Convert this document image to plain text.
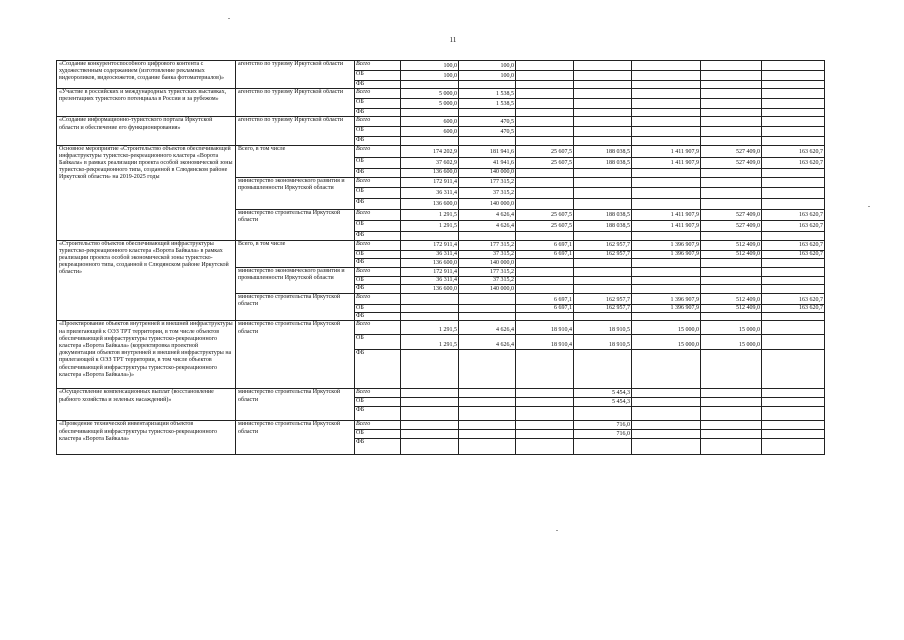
11
«Создание конкурентоспособного цифрового контента с художественным содержанием (изготовление рекламных видеороликов, видеосюжетов, создание банка фотоматериалов)»	агентство по туризму Иркутской области	Всего	100,0	100,0					
		ОБ	100,0	100,0					
		ФБ							
«Участие в российских и международных туристских выставках, презентациях туристского потенциала в России и за рубежом»	агентство по туризму Иркутской области	Всего	5 000,0	1 538,5					
		ОБ	5 000,0	1 538,5					
		ФБ							
«Создание информационно-туристского портала Иркутской области и обеспечение его функционирования»	агентство по туризму Иркутской области	Всего	600,0	470,5					
		ОБ	600,0	470,5					
		ФБ							
Основное мероприятие «Строительство объектов обеспечивающей инфраструктуры туристско-рекреационного кластера «Ворота Байкала» в рамках реализации проекта особой экономической зоны туристско-рекреационного типа, созданной в Слюдянском районе Иркутской области» на 2019-2025 годы	Всего, в том числе	Всего	174 202,9	181 941,6	25 607,5	188 038,5	1 411 907,9	527 409,0	163 620,7
		ОБ	37 602,9	41 941,6	25 607,5	188 038,5	1 411 907,9	527 409,0	163 620,7
		ФБ	136 600,0	140 000,0					
	министерство экономического развития и промышленности Иркутской области	Всего	172 911,4	177 315,2					
		ОБ	36 311,4	37 315,2					
		ФБ	136 600,0	140 000,0					
	министерство строительства Иркутской области	Всего	1 291,5	4 626,4	25 607,5	188 038,5	1 411 907,9	527 409,0	163 620,7
		ОБ	1 291,5	4 626,4	25 607,5	188 038,5	1 411 907,9	527 409,0	163 620,7
		ФБ							
«Строительство объектов обеспечивающей инфраструктуры туристско-рекреационного кластера «Ворота Байкала» в рамках реализации проекта особой экономической зоны туристско-рекреационного типа, созданной в Слюдянском районе Иркутской области»	Всего, в том числе	Всего	172 911,4	177 315,2	6 697,1	162 957,7	1 396 907,9	512 409,0	163 620,7
		ОБ	36 311,4	37 315,2	6 697,1	162 957,7	1 396 907,9	512 409,0	163 620,7
		ФБ	136 600,0	140 000,0					
	министерство экономического развития и промышленности Иркутской области	Всего	172 911,4	177 315,2					
		ОБ	36 311,4	37 315,2					
		ФБ	136 600,0	140 000,0					
	министерство строительства Иркутской области	Всего			6 697,1	162 957,7	1 396 907,9	512 409,0	163 620,7
		ОБ			6 697,1	162 957,7	1 396 907,9	512 409,0	163 620,7
		ФБ							
«Проектирование объектов внутренней и внешней инфраструктуры на прилегающей к ОЭЗ ТРТ территории, в том числе объектов обеспечивающей инфраструктуры туристско-рекреационного кластера «Ворота Байкала» (корректировка проектной документации объектов внутренней и внешней инфраструктуры на прилегающей к ОЭЗ ТРТ территории, в том числе объектов обеспечивающей инфраструктуры туристско-рекреационного кластера «Ворота Байкала»)»	министерство строительства Иркутской области	Всего	1 291,5	4 626,4	18 910,4	18 910,5	15 000,0	15 000,0	
		ОБ	1 291,5	4 626,4	18 910,4	18 910,5	15 000,0	15 000,0	
		ФБ							
«Осуществление компенсационных выплат (восстановление рыбного хозяйства и зеленых насаждений)»	министерство строительства Иркутской области	Всего				5 454,3			
		ОБ				5 454,3			
		ФБ							
«Проведение технической инвентаризации объектов обеспечивающей инфраструктуры туристско-рекреационного кластера «Ворота Байкала»	министерство строительства Иркутской области	Всего				716,0			
		ОБ				716,0			
		ФБ							
